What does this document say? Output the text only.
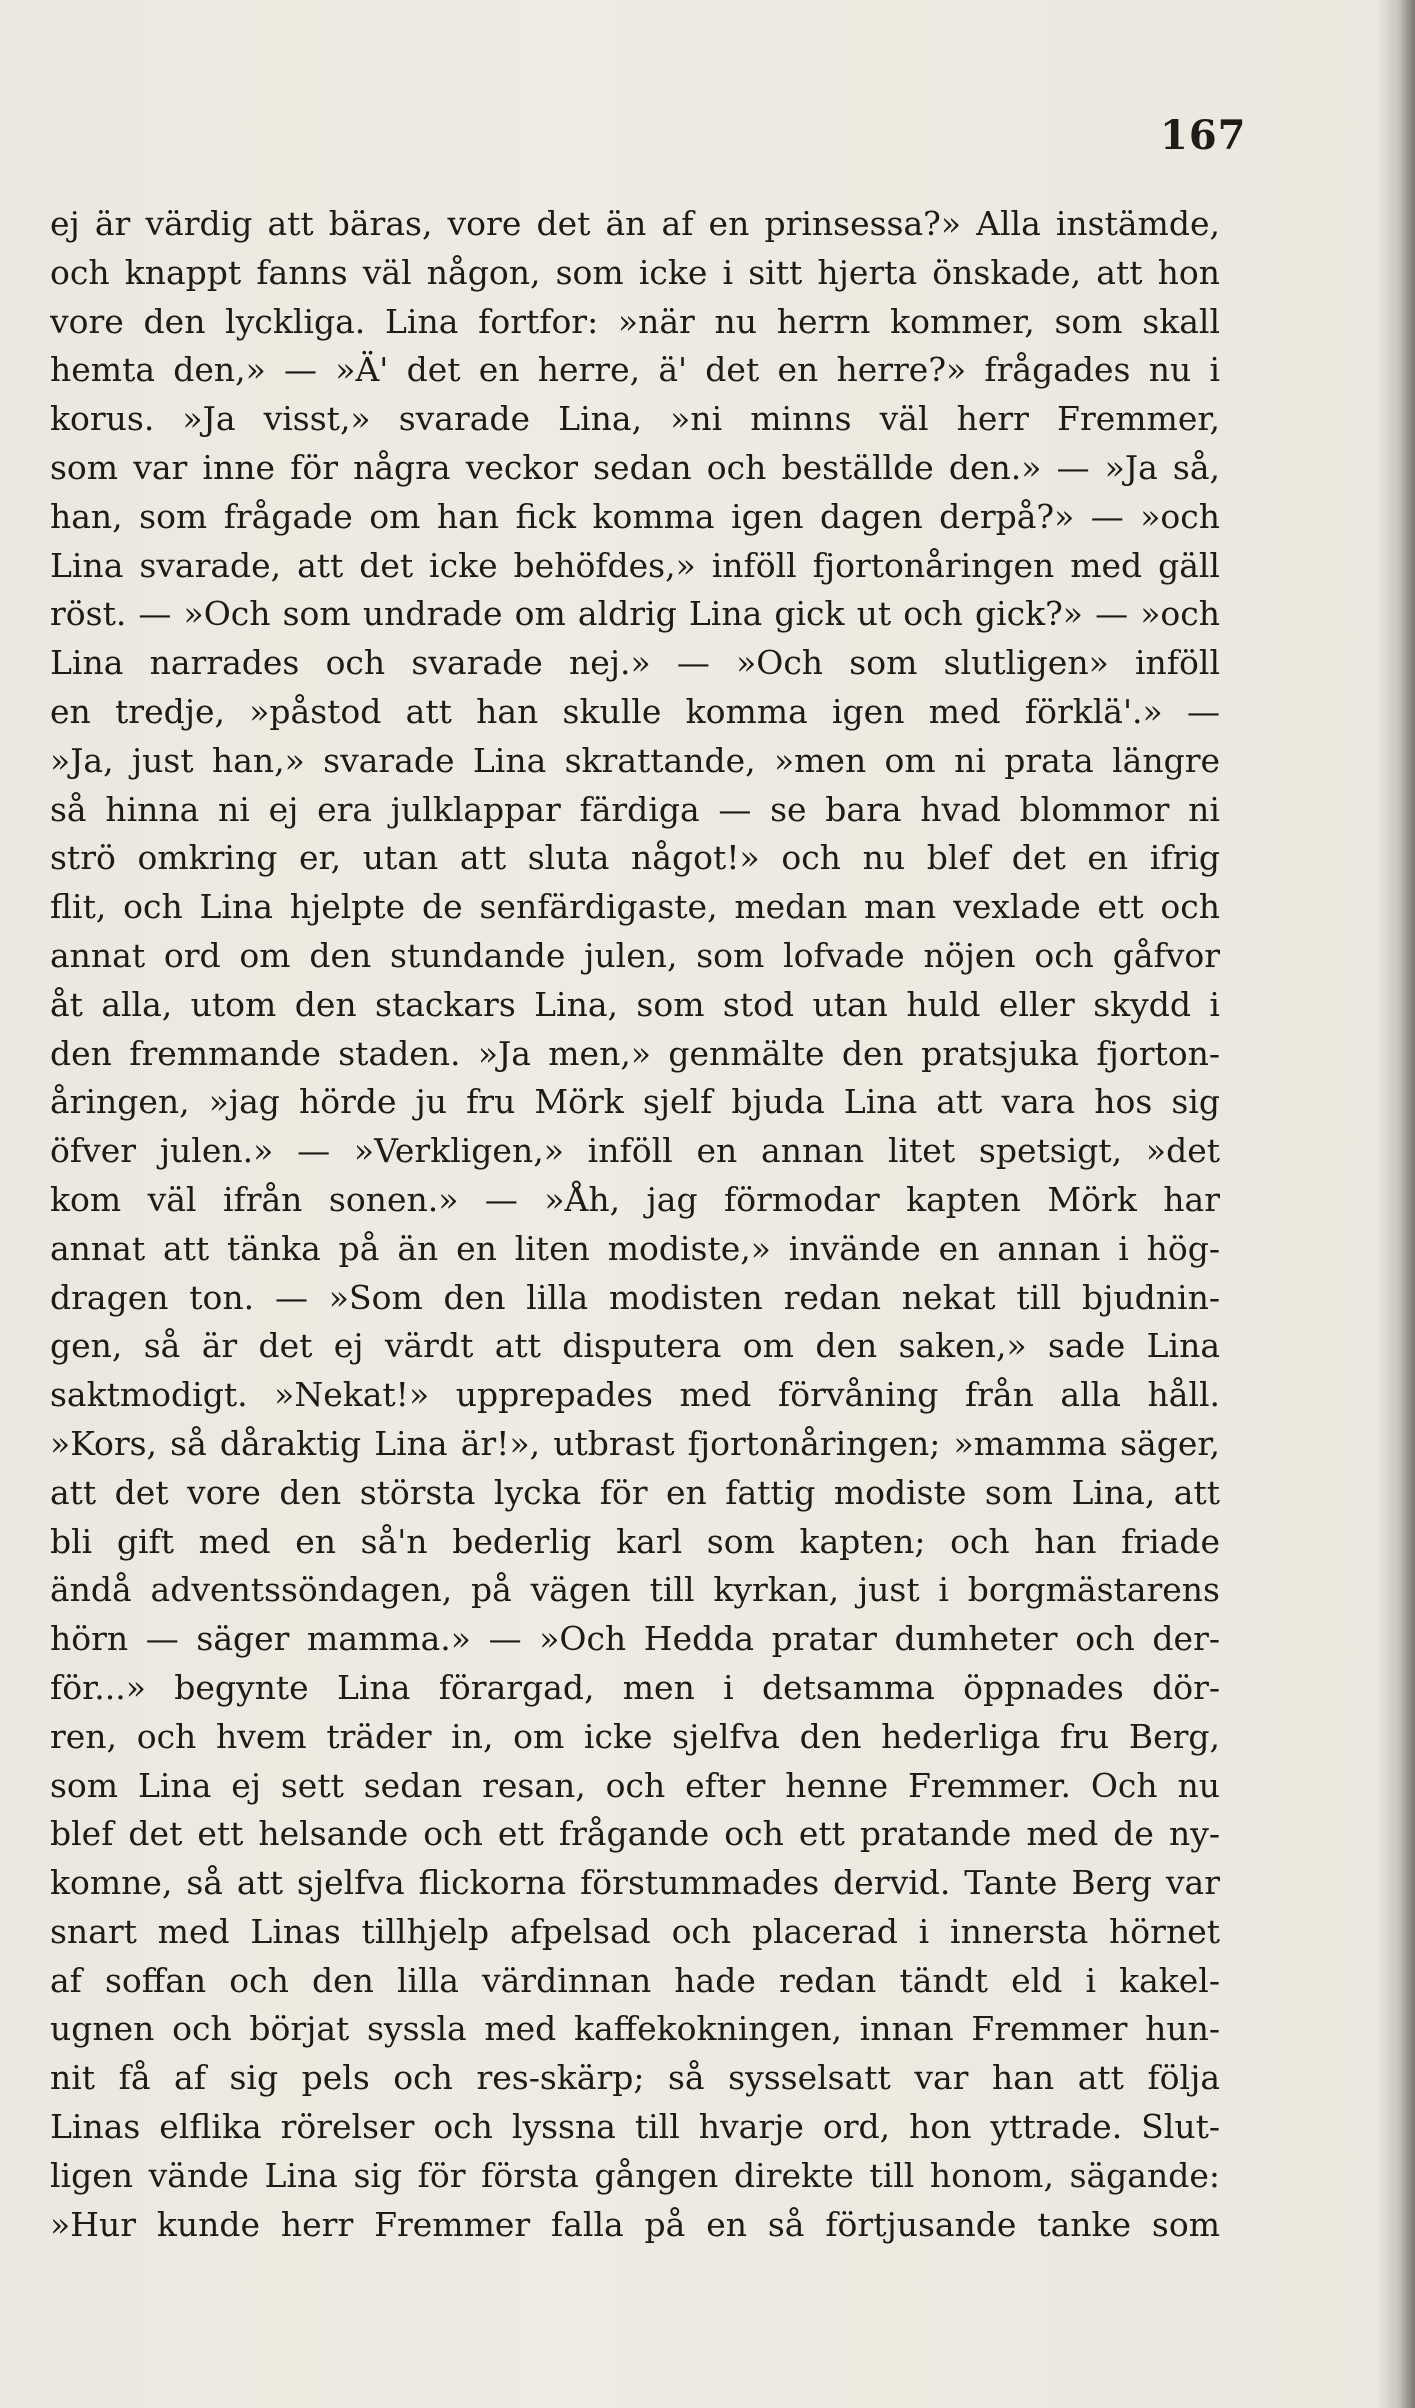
167
ej är värdig att bäras, vore det än af en prinsessa?» Alla instämde,
och knappt fanns väl någon, som icke i sitt hjerta önskade, att hon
vore den lyckliga. Lina fortfor: »när nu herrn kommer, som skall
hemta den,» — »Ä' det en herre, ä' det en herre?» frågades nu i
korus. »Ja visst,» svarade Lina, »ni minns väl herr Fremmer,
som var inne för några veckor sedan och beställde den.» — »Ja så,
han, som frågade om han fick komma igen dagen derpå?» — »och
Lina svarade, att det icke behöfdes,» inföll fjortonåringen med gäll
röst. — »Och som undrade om aldrig Lina gick ut och gick?» — »och
Lina narrades och svarade nej.» — »Och som slutligen» inföll
en tredje, »påstod att han skulle komma igen med förklä'.» —
»Ja, just han,» svarade Lina skrattande, »men om ni prata längre
så hinna ni ej era julklappar färdiga — se bara hvad blommor ni
strö omkring er, utan att sluta något!» och nu blef det en ifrig
flit, och Lina hjelpte de senfärdigaste, medan man vexlade ett och
annat ord om den stundande julen, som lofvade nöjen och gåfvor
åt alla, utom den stackars Lina, som stod utan huld eller skydd i
den fremmande staden. »Ja men,» genmälte den pratsjuka fjorton-
åringen, »jag hörde ju fru Mörk sjelf bjuda Lina att vara hos sig
öfver julen.» — »Verkligen,» inföll en annan litet spetsigt, »det
kom väl ifrån sonen.» — »Åh, jag förmodar kapten Mörk har
annat att tänka på än en liten modiste,» invände en annan i hög-
dragen ton. — »Som den lilla modisten redan nekat till bjudnin-
gen, så är det ej värdt att disputera om den saken,» sade Lina
saktmodigt. »Nekat!» upprepades med förvåning från alla håll.
»Kors, så dåraktig Lina är!», utbrast fjortonåringen; »mamma säger,
att det vore den största lycka för en fattig modiste som Lina, att
bli gift med en så'n bederlig karl som kapten; och han friade
ändå adventssöndagen, på vägen till kyrkan, just i borgmästarens
hörn — säger mamma.» — »Och Hedda pratar dumheter och der-
för...» begynte Lina förargad, men i detsamma öppnades dör-
ren, och hvem träder in, om icke sjelfva den hederliga fru Berg,
som Lina ej sett sedan resan, och efter henne Fremmer. Och nu
blef det ett helsande och ett frågande och ett pratande med de ny-
komne, så att sjelfva flickorna förstummades dervid. Tante Berg var
snart med Linas tillhjelp afpelsad och placerad i innersta hörnet
af soffan och den lilla värdinnan hade redan tändt eld i kakel-
ugnen och börjat syssla med kaffekokningen, innan Fremmer hun-
nit få af sig pels och res-skärp; så sysselsatt var han att följa
Linas elflika rörelser och lyssna till hvarje ord, hon yttrade. Slut-
ligen vände Lina sig för första gången direkte till honom, sägande:
»Hur kunde herr Fremmer falla på en så förtjusande tanke som
